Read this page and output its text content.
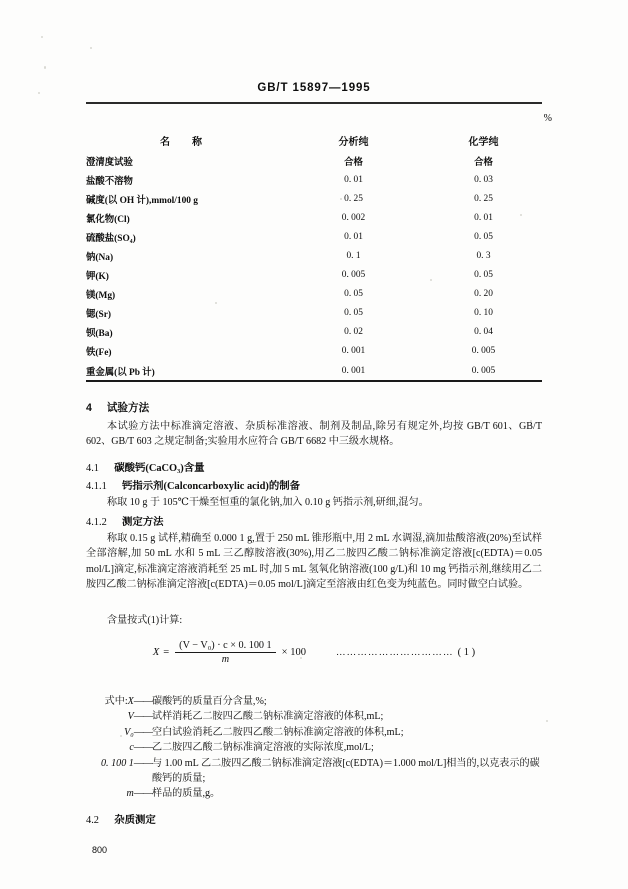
GB/T 15897—1995
%
名　称	分析纯	化学纯
澄清度试验	合格	合格
盐酸不溶物	0. 01	0. 03
碱度(以 OH 计),mmol/100 g	0. 25	0. 25
氯化物(Cl)	0. 002	0. 01
硫酸盐(SO₄)	0. 01	0. 05
钠(Na)	0. 1	0. 3
钾(K)	0. 005	0. 05
镁(Mg)	0. 05	0. 20
锶(Sr)	0. 05	0. 10
钡(Ba)	0. 02	0. 04
铁(Fe)	0. 001	0. 005
重金属(以 Pb 计)	0. 001	0. 005
4 试验方法
本试验方法中标准滴定溶液、杂质标准溶液、制剂及制品,除另有规定外,均按 GB/T 601、GB/T 602、GB/T 603 之规定制备;实验用水应符合 GB/T 6682 中三级水规格。
4.1 碳酸钙(CaCO₃)含量
4.1.1 钙指示剂(Calconcarboxylic acid)的制备
称取 10 g 于 105℃干燥至恒重的氯化钠,加入 0.10 g 钙指示剂,研细,混匀。
4.1.2 测定方法
称取 0.15 g 试样,精确至 0.000 1 g,置于 250 mL 锥形瓶中,用 2 mL 水调湿,滴加盐酸溶液(20%)至试样全部溶解,加 50 mL 水和 5 mL 三乙醇胺溶液(30%),用乙二胺四乙酸二钠标准滴定溶液[c(EDTA)＝0.05 mol/L]滴定,标准滴定溶液消耗至 25 mL 时,加 5 mL 氢氧化钠溶液(100 g/L)和 10 mg 钙指示剂,继续用乙二胺四乙酸二钠标准滴定溶液[c(EDTA)＝0.05 mol/L]滴定至溶液由红色变为纯蓝色。同时做空白试验。
含量按式(1)计算:
$X = \frac{\text{(V − V₀) · c × 0. 100 1}}{m} \times 100$	…………………………… ( 1 )
式中:X—— 碳酸钙的质量百分含量,%;
V—— 试样消耗乙二胺四乙酸二钠标准滴定溶液的体积,mL;
V₀—— 空白试验消耗乙二胺四乙酸二钠标准滴定溶液的体积,mL;
c—— 乙二胺四乙酸二钠标准滴定溶液的实际浓度,mol/L;
0. 100 1—— 与 1.00 mL 乙二胺四乙酸二钠标准滴定溶液[c(EDTA)＝1.000 mol/L]相当的,以克表示的碳酸钙的质量;
m—— 样品的质量,g。
4.2 杂质测定
800
